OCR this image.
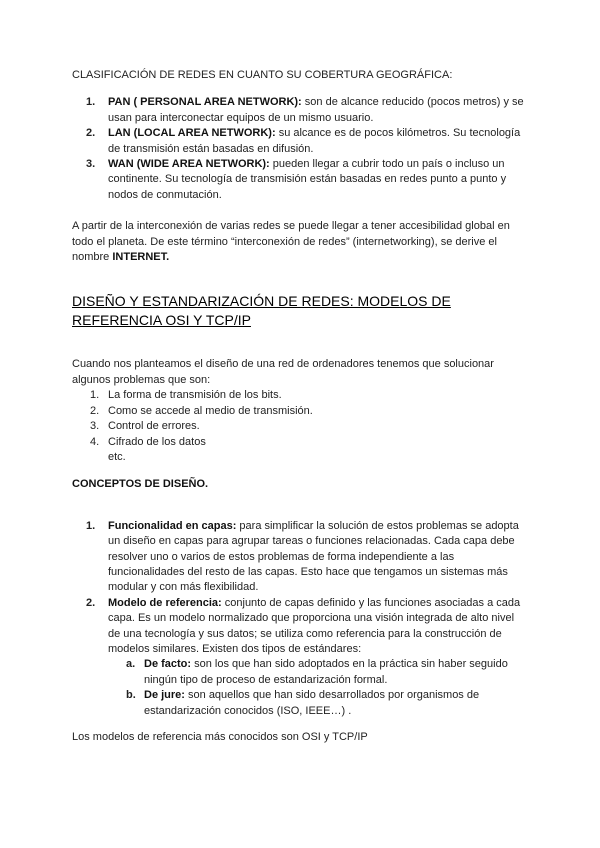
CLASIFICACIÓN DE REDES EN CUANTO SU COBERTURA GEOGRÁFICA:

1. PAN ( PERSONAL AREA NETWORK): son de alcance reducido (pocos metros) y se usan para interconectar equipos de un mismo usuario.
2. LAN (LOCAL AREA NETWORK): su alcance es de pocos kilómetros. Su tecnología de transmisión están basadas en difusión.
3. WAN (WIDE AREA NETWORK): pueden llegar a cubrir todo un país o incluso un continente. Su tecnología de transmisión están basadas en redes punto a punto y nodos de conmutación.

A partir de la interconexión de varias redes se puede llegar a tener accesibilidad global en todo el planeta. De este término “interconexión de redes” (internetworking), se derive el nombre INTERNET.

DISEÑO Y ESTANDARIZACIÓN DE REDES: MODELOS DE REFERENCIA OSI Y TCP/IP

Cuando nos planteamos el diseño de una red de ordenadores tenemos que solucionar algunos problemas que son:

1. La forma de transmisión de los bits.
2. Como se accede al medio de transmisión.
3. Control de errores.
4. Cifrado de los datos

etc.

CONCEPTOS DE DISEÑO.

1. Funcionalidad en capas: para simplificar la solución de estos problemas se adopta un diseño en capas para agrupar tareas o funciones relacionadas. Cada capa debe resolver uno o varios de estos problemas de forma independiente a las funcionalidades del resto de las capas. Esto hace que tengamos un sistemas más modular y con más flexibilidad.
2. Modelo de referencia: conjunto de capas definido y las funciones asociadas a cada capa. Es un modelo normalizado que proporciona una visión integrada de alto nivel de una tecnología y sus datos; se utiliza como referencia para la construcción de modelos similares. Existen dos tipos de estándares:
a. De facto: son los que han sido adoptados en la práctica sin haber seguido ningún tipo de proceso de estandarización formal.
b. De jure: son aquellos que han sido desarrollados por organismos de estandarización conocidos (ISO, IEEE…) .

Los modelos de referencia más conocidos son OSI y TCP/IP
